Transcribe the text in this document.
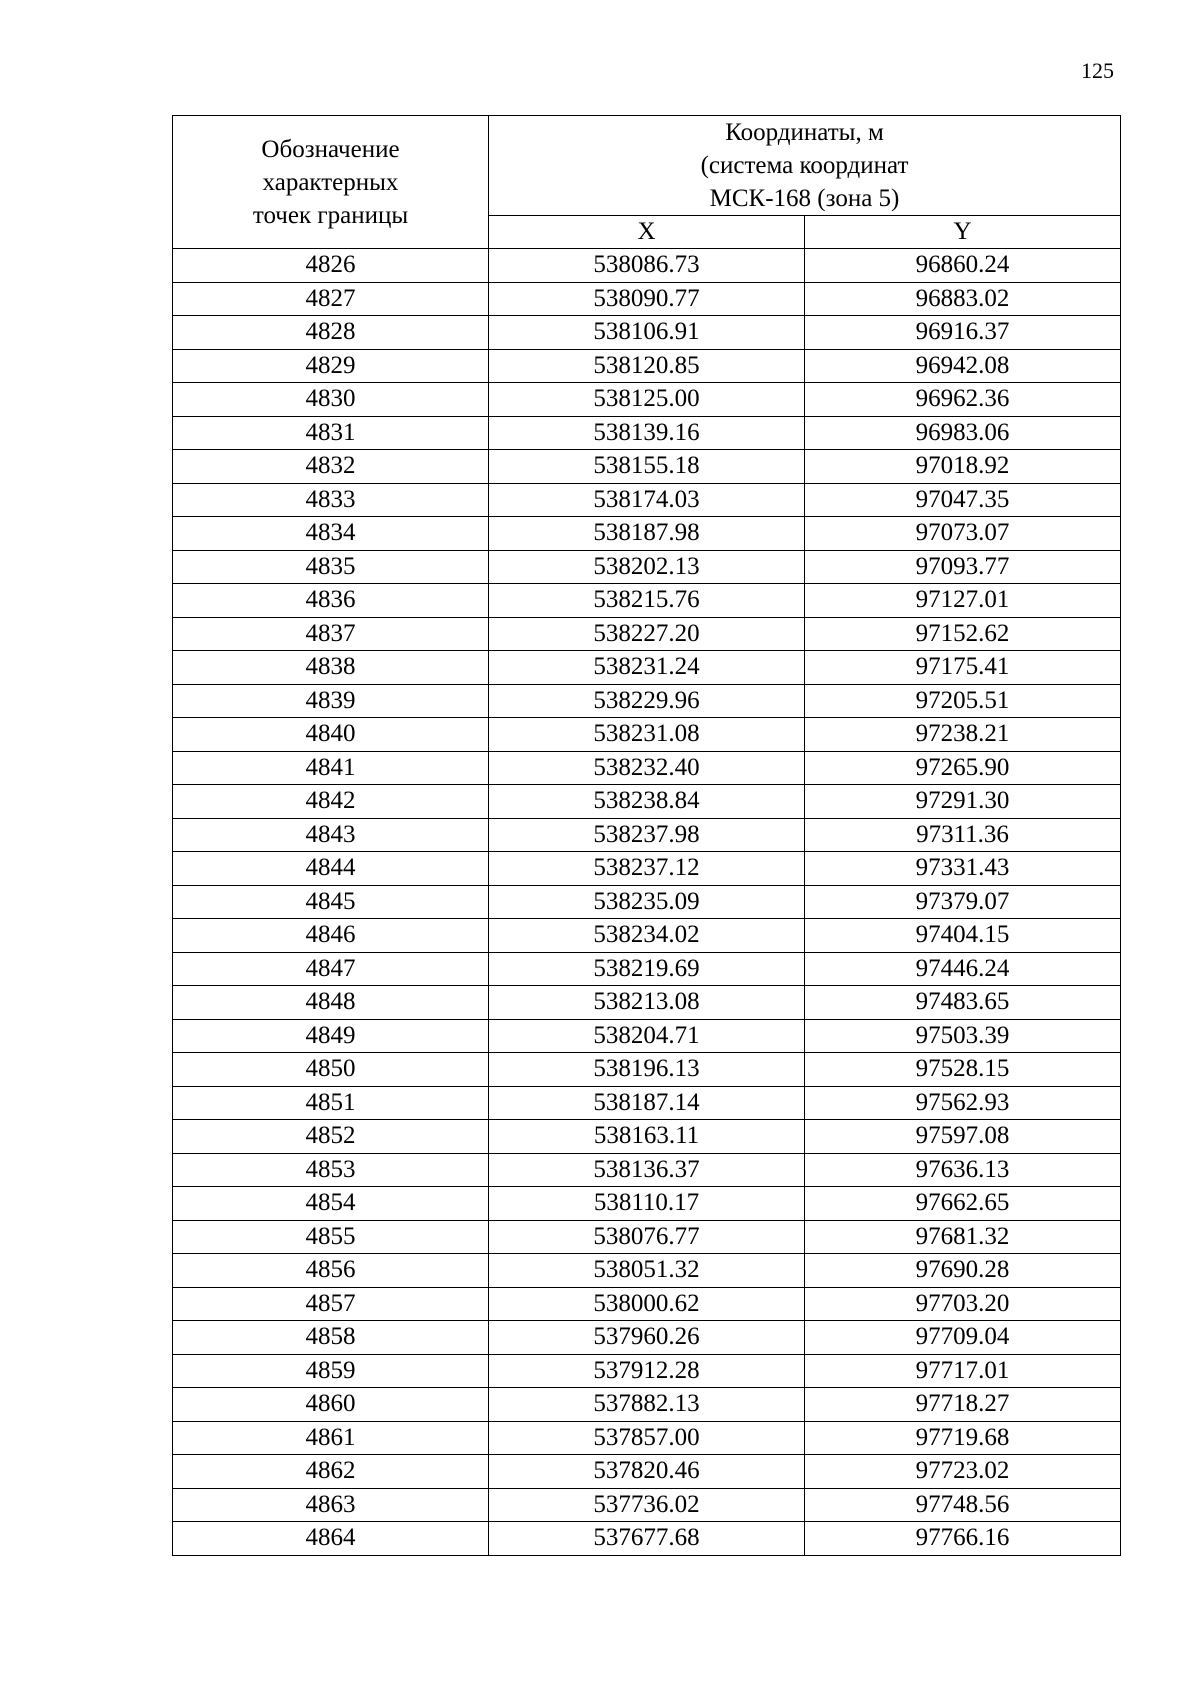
125
Обозначение
характерных
точек границы	Координаты, м
(система координат
МСК-168 (зона 5)	

	X	Y
4826	538086.73	96860.24
4827	538090.77	96883.02
4828	538106.91	96916.37
4829	538120.85	96942.08
4830	538125.00	96962.36
4831	538139.16	96983.06
4832	538155.18	97018.92
4833	538174.03	97047.35
4834	538187.98	97073.07
4835	538202.13	97093.77
4836	538215.76	97127.01
4837	538227.20	97152.62
4838	538231.24	97175.41
4839	538229.96	97205.51
4840	538231.08	97238.21
4841	538232.40	97265.90
4842	538238.84	97291.30
4843	538237.98	97311.36
4844	538237.12	97331.43
4845	538235.09	97379.07
4846	538234.02	97404.15
4847	538219.69	97446.24
4848	538213.08	97483.65
4849	538204.71	97503.39
4850	538196.13	97528.15
4851	538187.14	97562.93
4852	538163.11	97597.08
4853	538136.37	97636.13
4854	538110.17	97662.65
4855	538076.77	97681.32
4856	538051.32	97690.28
4857	538000.62	97703.20
4858	537960.26	97709.04
4859	537912.28	97717.01
4860	537882.13	97718.27
4861	537857.00	97719.68
4862	537820.46	97723.02
4863	537736.02	97748.56
4864	537677.68	97766.16
